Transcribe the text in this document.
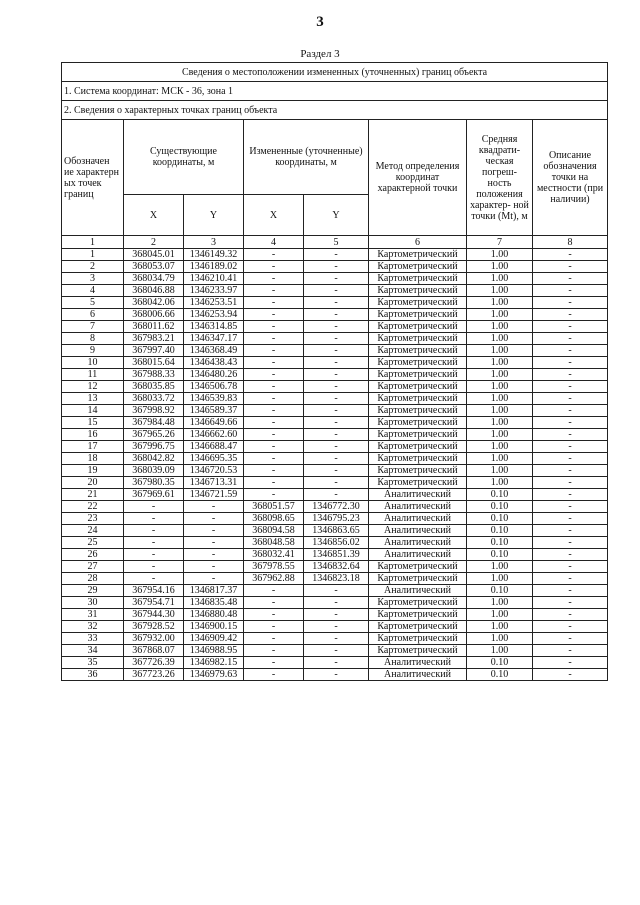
3
Раздел 3
Сведения о местоположении измененных (уточненных) границ объекта							
1. Система координат: МСК - 36, зона 1							
2. Сведения о характерных точках границ объекта							
Обозначен ие характерн ых точек границ	Существующие координаты, м		Измененные (уточненные) координаты, м		Метод определения координат характерной точки	Средняя квадрати- ческая погреш- ность положения характер- ной точки (Mt), м	Описание обозначения точки на местности (при наличии)
	X	Y	X	Y			
1	2	3	4	5	6	7	8
1	368045.01	1346149.32	-	-	Картометрический	1.00	-
2	368053.07	1346189.02	-	-	Картометрический	1.00	-
3	368034.79	1346210.41	-	-	Картометрический	1.00	-
4	368046.88	1346233.97	-	-	Картометрический	1.00	-
5	368042.06	1346253.51	-	-	Картометрический	1.00	-
6	368006.66	1346253.94	-	-	Картометрический	1.00	-
7	368011.62	1346314.85	-	-	Картометрический	1.00	-
8	367983.21	1346347.17	-	-	Картометрический	1.00	-
9	367997.40	1346368.49	-	-	Картометрический	1.00	-
10	368015.64	1346438.43	-	-	Картометрический	1.00	-
11	367988.33	1346480.26	-	-	Картометрический	1.00	-
12	368035.85	1346506.78	-	-	Картометрический	1.00	-
13	368033.72	1346539.83	-	-	Картометрический	1.00	-
14	367998.92	1346589.37	-	-	Картометрический	1.00	-
15	367984.48	1346649.66	-	-	Картометрический	1.00	-
16	367965.26	1346662.60	-	-	Картометрический	1.00	-
17	367996.75	1346688.47	-	-	Картометрический	1.00	-
18	368042.82	1346695.35	-	-	Картометрический	1.00	-
19	368039.09	1346720.53	-	-	Картометрический	1.00	-
20	367980.35	1346713.31	-	-	Картометрический	1.00	-
21	367969.61	1346721.59	-	-	Аналитический	0.10	-
22	-	-	368051.57	1346772.30	Аналитический	0.10	-
23	-	-	368098.65	1346795.23	Аналитический	0.10	-
24	-	-	368094.58	1346863.65	Аналитический	0.10	-
25	-	-	368048.58	1346856.02	Аналитический	0.10	-
26	-	-	368032.41	1346851.39	Аналитический	0.10	-
27	-	-	367978.55	1346832.64	Картометрический	1.00	-
28	-	-	367962.88	1346823.18	Картометрический	1.00	-
29	367954.16	1346817.37	-	-	Аналитический	0.10	-
30	367954.71	1346835.48	-	-	Картометрический	1.00	-
31	367944.30	1346880.48	-	-	Картометрический	1.00	-
32	367928.52	1346900.15	-	-	Картометрический	1.00	-
33	367932.00	1346909.42	-	-	Картометрический	1.00	-
34	367868.07	1346988.95	-	-	Картометрический	1.00	-
35	367726.39	1346982.15	-	-	Аналитический	0.10	-
36	367723.26	1346979.63	-	-	Аналитический	0.10	-
